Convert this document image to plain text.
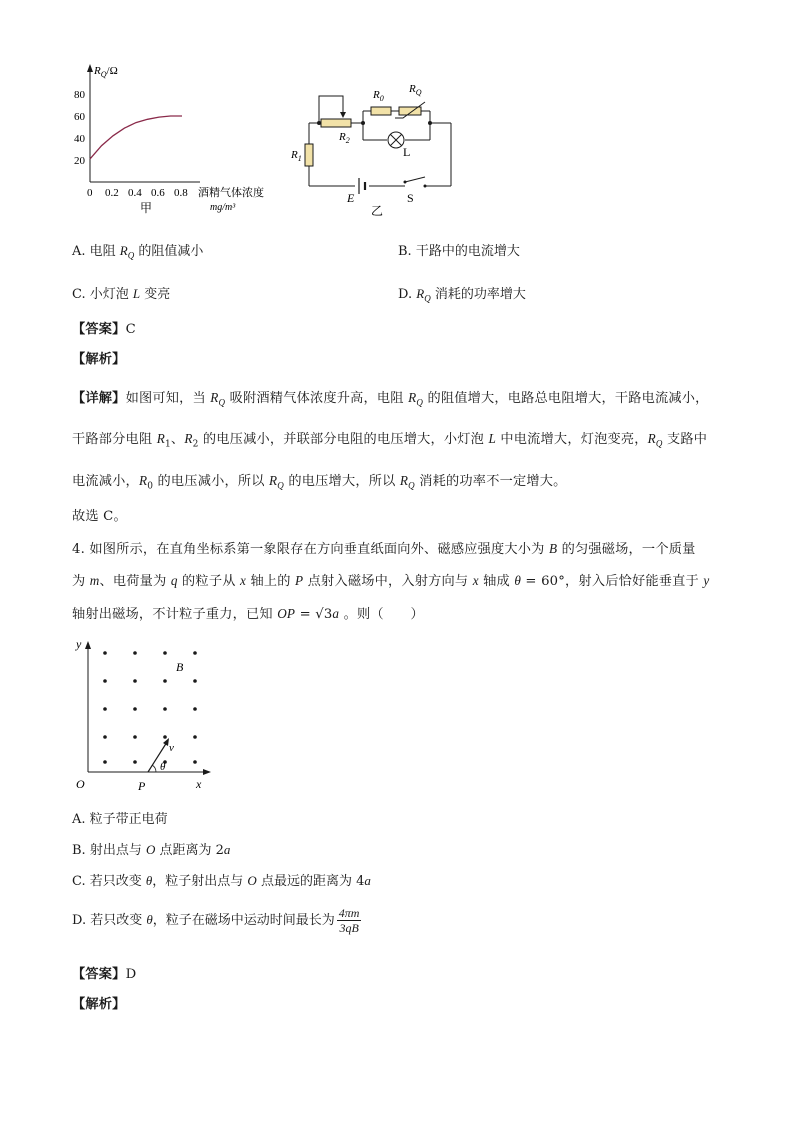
$R_Q/\Omega$
80
60
40
20
0 0.2 0.4 0.6 0.8 酒精气体浓度
mg/m³
甲
$R_0$
$R_Q$
$R_2$
$R_1$	L
E	S
乙
A. 电阻 $R_Q$ 的阻值减小	B. 干路中的电流增大
C. 小灯泡 L 变亮	D. $R_Q$ 消耗的功率增大
【答案】C
【解析】
【详解】如图可知，当 $R_Q$ 吸附酒精气体浓度升高，电阻 $R_Q$ 的阻值增大，电路总电阻增大，干路电流减小，
干路部分电阻 $R_1$、$R_2$ 的电压减小，并联部分电阻的电压增大，小灯泡 L 中电流增大，灯泡变亮，$R_Q$ 支路中
电流减小，$R_0$ 的电压减小，所以 $R_Q$ 的电压增大，所以 $R_Q$ 消耗的功率不一定增大。
故选 C。
4. 如图所示，在直角坐标系第一象限存在方向垂直纸面向外、磁感应强度大小为 B 的匀强磁场，一个质量
为 m、电荷量为 q 的粒子从 x 轴上的 P 点射入磁场中，入射方向与 x 轴成 θ = 60°，射入后恰好能垂直于 y
轴射出磁场，不计粒子重力，已知 OP = √3a 。则（　　）
y
x
O	P
B
v
θ
A. 粒子带正电荷
B. 射出点与 O 点距离为 2a
C. 若只改变 θ，粒子射出点与 O 点最远的距离为 4a
D. 若只改变 θ，粒子在磁场中运动时间最长为 $\frac{4\pi m}{3qB}$
【答案】D
【解析】
